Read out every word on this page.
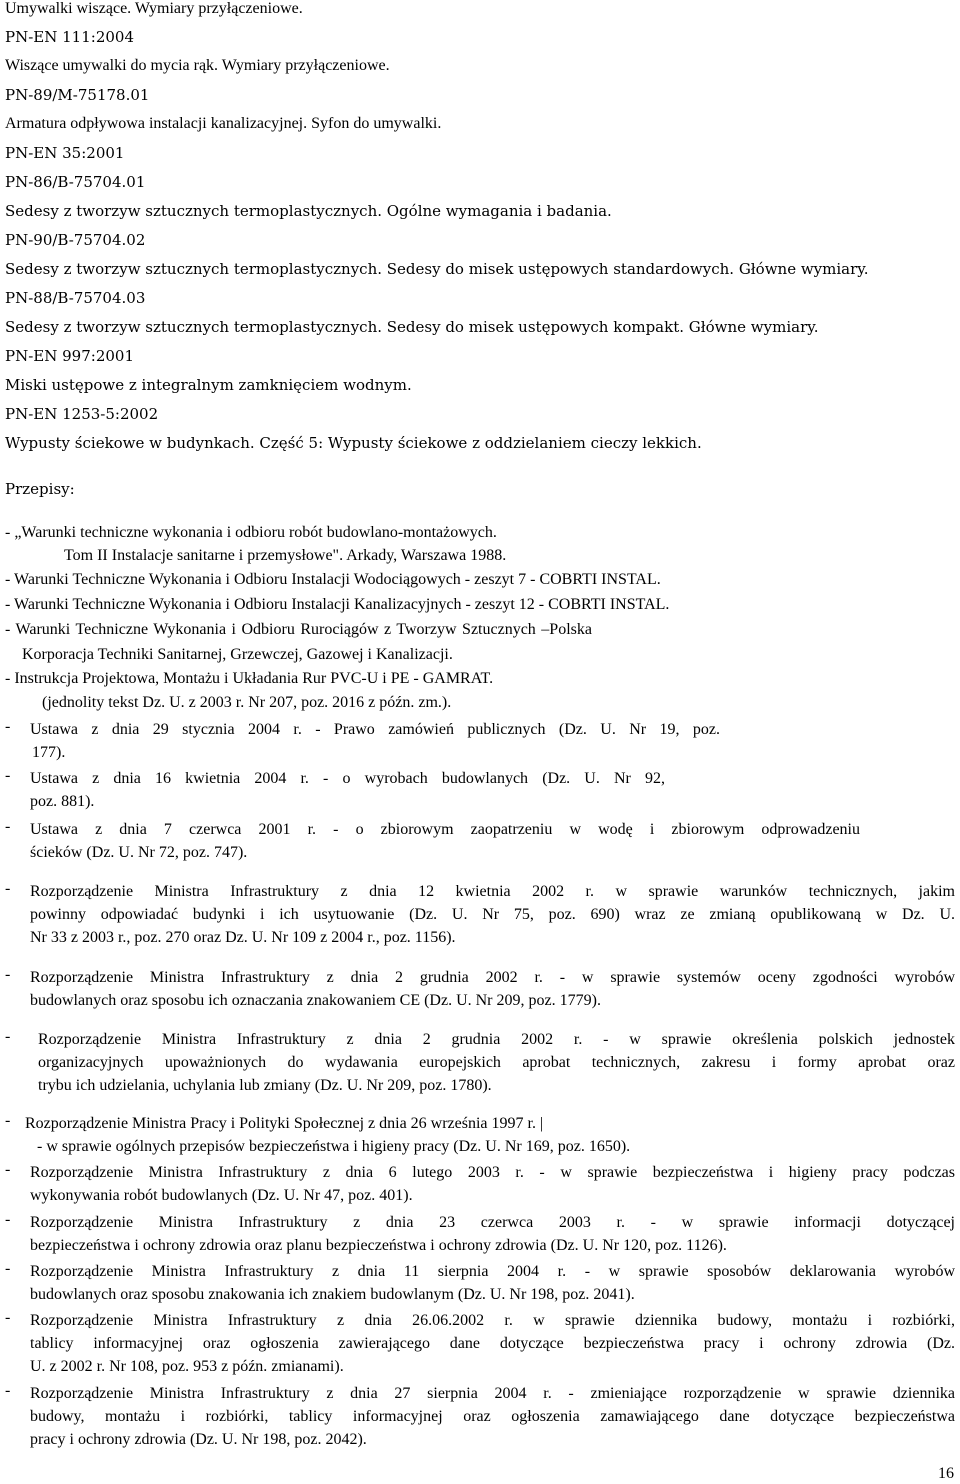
Umywalki wiszące. Wymiary przyłączeniowe.
PN-EN 111:2004
Wiszące umywalki do mycia rąk. Wymiary przyłączeniowe.
PN-89/M-75178.01
Armatura odpływowa instalacji kanalizacyjnej. Syfon do umywalki.
PN-EN 35:2001
PN-86/B-75704.01
Sedesy z tworzyw sztucznych termoplastycznych. Ogólne wymagania i badania.
PN-90/B-75704.02
Sedesy z tworzyw sztucznych termoplastycznych. Sedesy do misek ustępowych standardowych. Główne wymiary.
PN-88/B-75704.03
Sedesy z tworzyw sztucznych termoplastycznych. Sedesy do misek ustępowych kompakt. Główne wymiary.
PN-EN 997:2001
Miski ustępowe z integralnym zamknięciem wodnym.
PN-EN 1253-5:2002
Wypusty ściekowe w budynkach. Część 5: Wypusty ściekowe z oddzielaniem cieczy lekkich.
Przepisy:
- „Warunki techniczne wykonania i odbioru robót budowlano-montażowych.
Tom II Instalacje sanitarne i przemysłowe". Arkady, Warszawa 1988.
- Warunki Techniczne Wykonania i Odbioru Instalacji Wodociągowych - zeszyt 7 - COBRTI INSTAL.
- Warunki Techniczne Wykonania i Odbioru Instalacji Kanalizacyjnych - zeszyt 12 - COBRTI INSTAL.
- Warunki Techniczne Wykonania i Odbioru Rurociągów z Tworzyw Sztucznych –Polska
Korporacja Techniki Sanitarnej, Grzewczej, Gazowej i Kanalizacji.
- Instrukcja Projektowa, Montażu i Układania Rur PVC-U i PE - GAMRAT.
(jednolity tekst Dz. U. z 2003 r. Nr 207, poz. 2016 z późn. zm.).
- Ustawa z dnia 29 stycznia 2004 r. - Prawo zamówień publicznych (Dz. U. Nr 19, poz.
177).
- Ustawa z dnia 16 kwietnia 2004 r. - o wyrobach budowlanych (Dz. U. Nr 92,
poz. 881).
- Ustawa z dnia 7 czerwca 2001 r. - o zbiorowym zaopatrzeniu w wodę i zbiorowym odprowadzeniu
ścieków (Dz. U. Nr 72, poz. 747).
- Rozporządzenie Ministra Infrastruktury z dnia 12 kwietnia 2002 r. w sprawie warunków technicznych, jakim
powinny odpowiadać budynki i ich usytuowanie (Dz. U. Nr 75, poz. 690) wraz ze zmianą opublikowaną w Dz. U.
Nr 33 z 2003 r., poz. 270 oraz Dz. U. Nr 109 z 2004 r., poz. 1156).
- Rozporządzenie Ministra Infrastruktury z dnia 2 grudnia 2002 r. - w sprawie systemów oceny zgodności wyrobów
budowlanych oraz sposobu ich oznaczania znakowaniem CE (Dz. U. Nr 209, poz. 1779).
- Rozporządzenie Ministra Infrastruktury z dnia 2 grudnia 2002 r. - w sprawie określenia polskich jednostek
organizacyjnych upoważnionych do wydawania europejskich aprobat technicznych, zakresu i formy aprobat oraz
trybu ich udzielania, uchylania lub zmiany (Dz. U. Nr 209, poz. 1780).
- Rozporządzenie Ministra Pracy i Polityki Społecznej z dnia 26 września 1997 r. |
- w sprawie ogólnych przepisów bezpieczeństwa i higieny pracy (Dz. U. Nr 169, poz. 1650).
- Rozporządzenie Ministra Infrastruktury z dnia 6 lutego 2003 r. - w sprawie bezpieczeństwa i higieny pracy podczas
wykonywania robót budowlanych (Dz. U. Nr 47, poz. 401).
- Rozporządzenie Ministra Infrastruktury z dnia 23 czerwca 2003 r. - w sprawie informacji dotyczącej
bezpieczeństwa i ochrony zdrowia oraz planu bezpieczeństwa i ochrony zdrowia (Dz. U. Nr 120, poz. 1126).
- Rozporządzenie Ministra Infrastruktury z dnia 11 sierpnia 2004 r. - w sprawie sposobów deklarowania wyrobów
budowlanych oraz sposobu znakowania ich znakiem budowlanym (Dz. U. Nr 198, poz. 2041).
- Rozporządzenie Ministra Infrastruktury z dnia 26.06.2002 r. w sprawie dziennika budowy, montażu i rozbiórki,
tablicy informacyjnej oraz ogłoszenia zawierającego dane dotyczące bezpieczeństwa pracy i ochrony zdrowia (Dz.
U. z 2002 r. Nr 108, poz. 953 z późn. zmianami).
- Rozporządzenie Ministra Infrastruktury z dnia 27 sierpnia 2004 r. - zmieniające rozporządzenie w sprawie dziennika
budowy, montażu i rozbiórki, tablicy informacyjnej oraz ogłoszenia zamawiającego dane dotyczące bezpieczeństwa
pracy i ochrony zdrowia (Dz. U. Nr 198, poz. 2042).
16
